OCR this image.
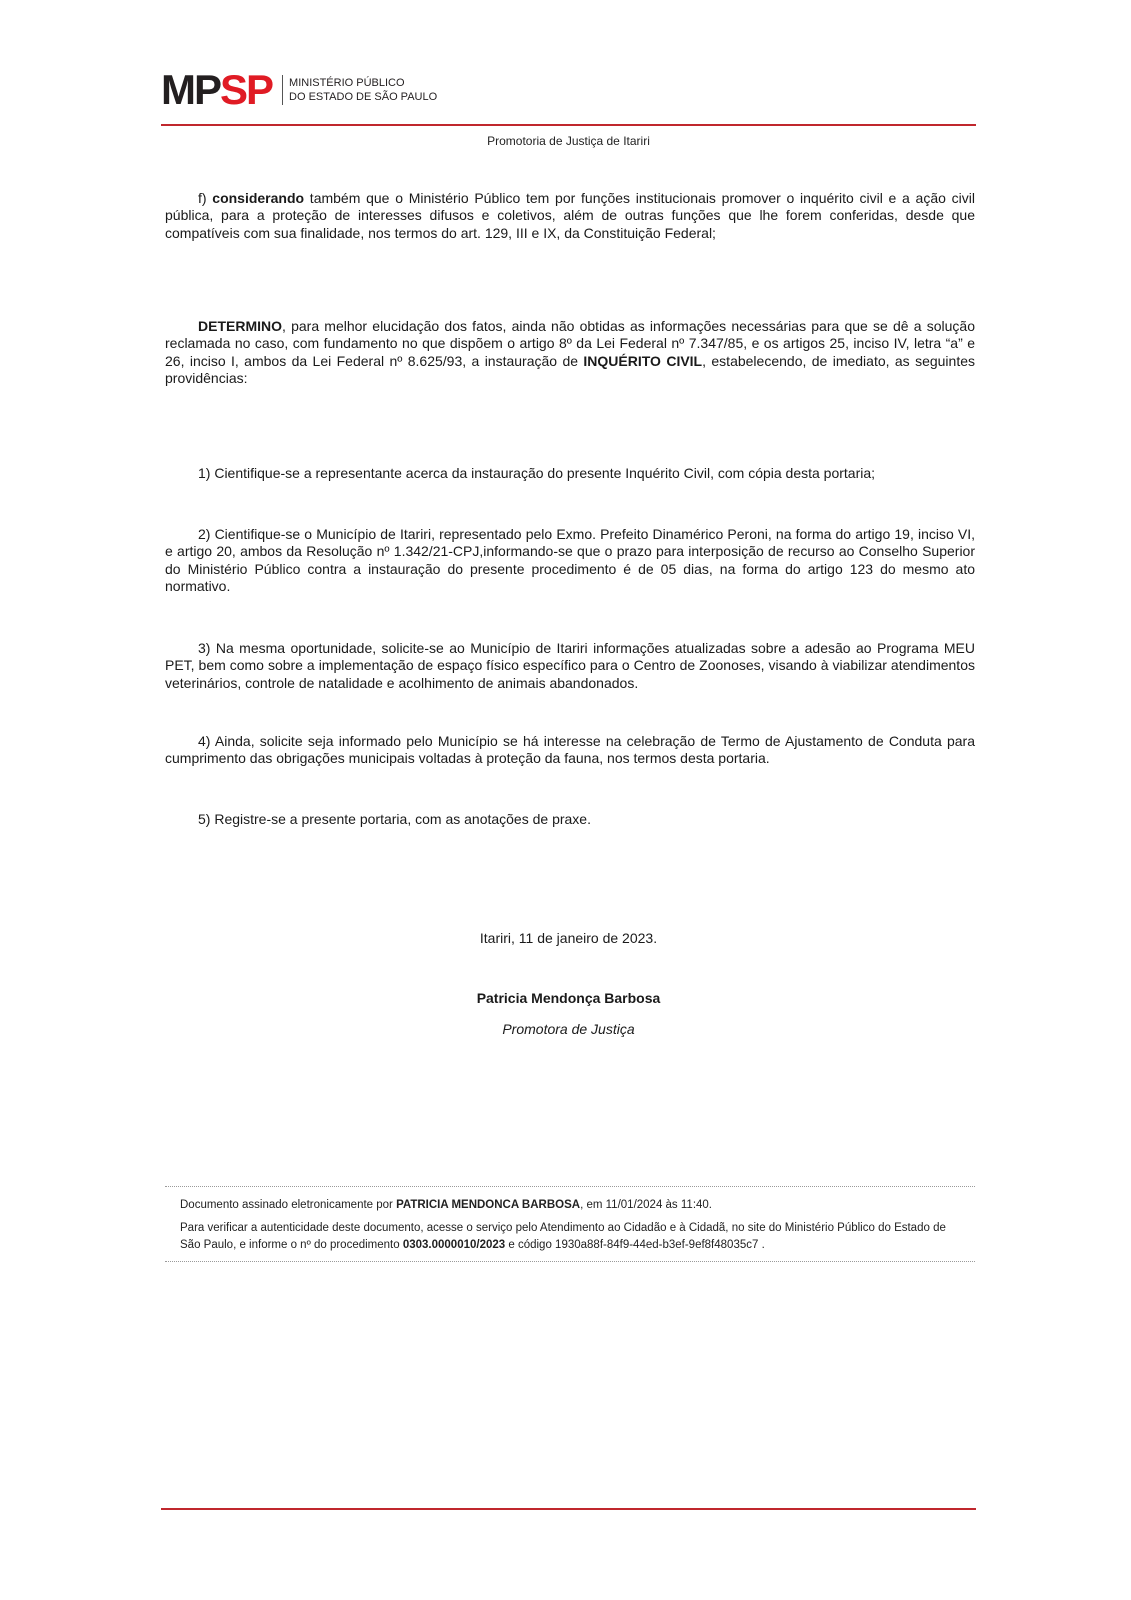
MP SP MINISTÉRIO PÚBLICO
DO ESTADO DE SÃO PAULO
Promotoria de Justiça de Itariri

f) considerando também que o Ministério Público tem por funções institucionais promover o inquérito civil e a ação civil pública, para a proteção de interesses difusos e coletivos, além de outras funções que lhe forem conferidas, desde que compatíveis com sua finalidade, nos termos do art. 129, III e IX, da Constituição Federal;

DETERMINO, para melhor elucidação dos fatos, ainda não obtidas as informações necessárias para que se dê a solução reclamada no caso, com fundamento no que dispõem o artigo 8º da Lei Federal nº 7.347/85, e os artigos 25, inciso IV, letra “a” e 26, inciso I, ambos da Lei Federal nº 8.625/93, a instauração de INQUÉRITO CIVIL, estabelecendo, de imediato, as seguintes providências:

1) Cientifique-se a representante acerca da instauração do presente Inquérito Civil, com cópia desta portaria;

2) Cientifique-se o Município de Itariri, representado pelo Exmo. Prefeito Dinamérico Peroni, na forma do artigo 19, inciso VI, e artigo 20, ambos da Resolução nº 1.342/21-CPJ,informando-se que o prazo para interposição de recurso ao Conselho Superior do Ministério Público contra a instauração do presente procedimento é de 05 dias, na forma do artigo 123 do mesmo ato normativo.

3) Na mesma oportunidade, solicite-se ao Município de Itariri informações atualizadas sobre a adesão ao Programa MEU PET, bem como sobre a implementação de espaço físico específico para o Centro de Zoonoses, visando à viabilizar atendimentos veterinários, controle de natalidade e acolhimento de animais abandonados.

4) Ainda, solicite seja informado pelo Município se há interesse na celebração de Termo de Ajustamento de Conduta para cumprimento das obrigações municipais voltadas à proteção da fauna, nos termos desta portaria.

5) Registre-se a presente portaria, com as anotações de praxe.

Itariri, 11 de janeiro de 2023.
Patricia Mendonça Barbosa
Promotora de Justiça

Documento assinado eletronicamente por PATRICIA MENDONCA BARBOSA, em 11/01/2024 às 11:40.

Para verificar a autenticidade deste documento, acesse o serviço pelo Atendimento ao Cidadão e à Cidadã, no site do Ministério Público do Estado de São Paulo, e informe o nº do procedimento 0303.0000010/2023 e código 1930a88f-84f9-44ed-b3ef-9ef8f48035c7 .
